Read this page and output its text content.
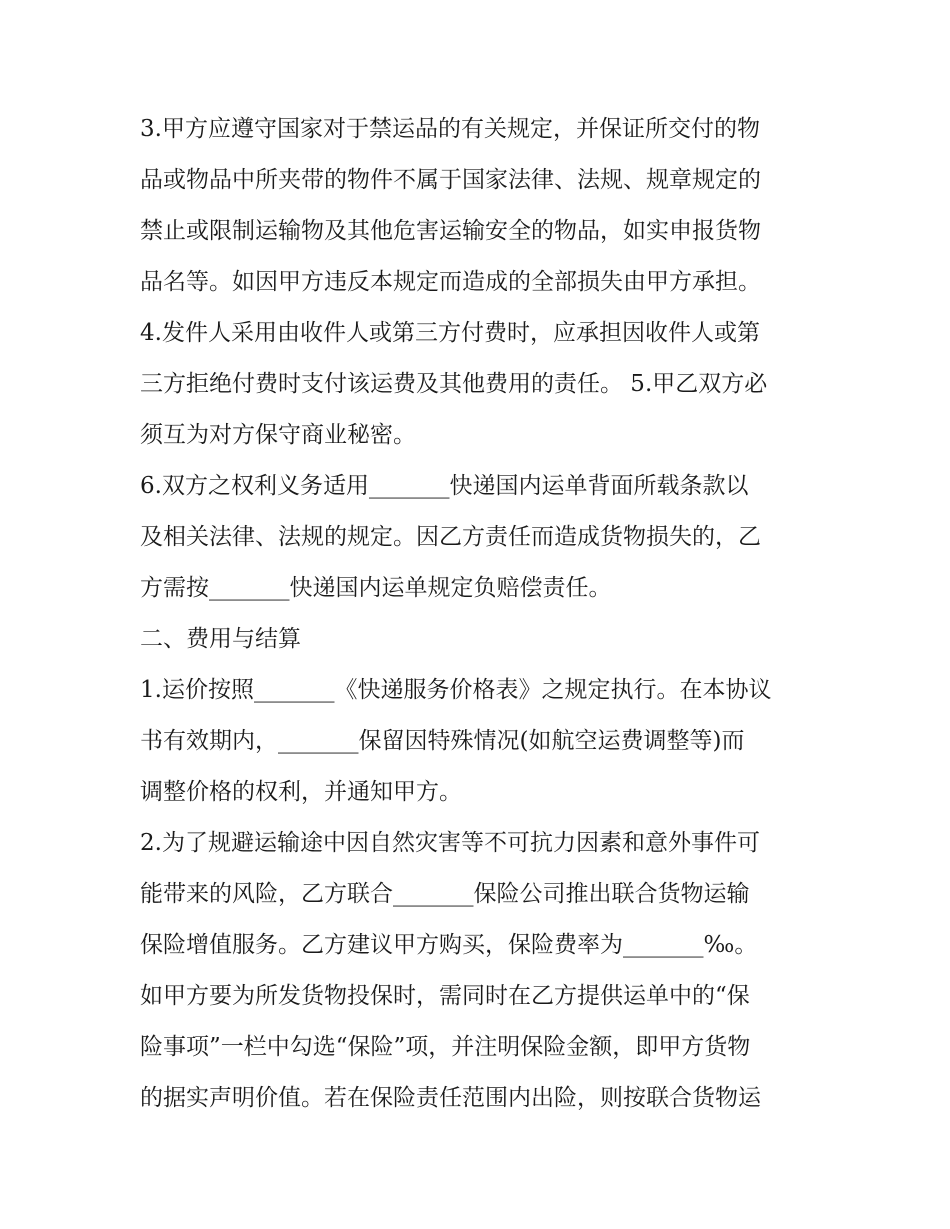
3.甲方应遵守国家对于禁运品的有关规定，并保证所交付的物
品或物品中所夹带的物件不属于国家法律、法规、规章规定的
禁止或限制运输物及其他危害运输安全的物品，如实申报货物
品名等。如因甲方违反本规定而造成的全部损失由甲方承担。
4.发件人采用由收件人或第三方付费时，应承担因收件人或第
三方拒绝付费时支付该运费及其他费用的责任。 5.甲乙双方必
须互为对方保守商业秘密。
6.双方之权利义务适用_______快递国内运单背面所载条款以
及相关法律、法规的规定。因乙方责任而造成货物损失的，乙
方需按_______快递国内运单规定负赔偿责任。
二、费用与结算
1.运价按照_______《快递服务价格表》之规定执行。在本协议
书有效期内，_______保留因特殊情况(如航空运费调整等)而
调整价格的权利，并通知甲方。
2.为了规避运输途中因自然灾害等不可抗力因素和意外事件可
能带来的风险，乙方联合_______保险公司推出联合货物运输
保险增值服务。乙方建议甲方购买，保险费率为_______‰。
如甲方要为所发货物投保时，需同时在乙方提供运单中的“保
险事项”一栏中勾选“保险”项，并注明保险金额，即甲方货物
的据实声明价值。若在保险责任范围内出险，则按联合货物运
